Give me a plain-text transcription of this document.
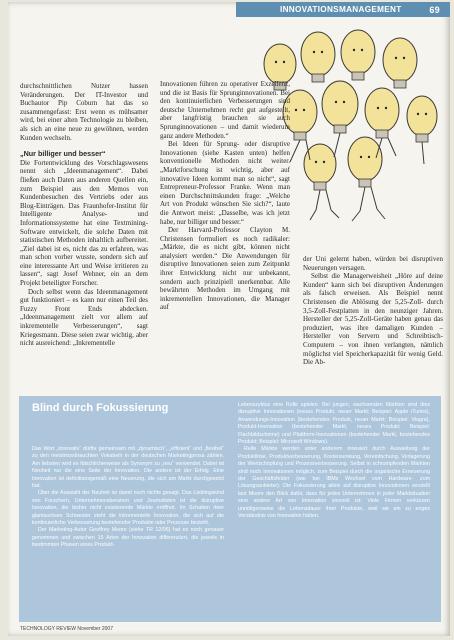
INNOVATIONSMANAGEMENT	69

durchschnittlichen Nutzer hassen Veränderungen. Der IT-Investor und Buchautor Pip Coburn hat das so zusammengefasst: Erst wenn es mühsamer wird, bei einer alten Technologie zu bleiben, als sich an eine neue zu gewöhnen, werden Kunden wechseln.

„Nur billiger und besser“

Die Fortentwicklung des Vorschlagswesens nennt sich „Ideenmanagement“. Dabei fließen auch Daten aus anderen Quellen ein, zum Beispiel aus den Memos von Kundenbesuchen des Vertriebs oder aus Blog-Einträgen. Das Fraunhofer-Institut für Intelligente Analyse- und Informationssysteme hat eine Textmining-Software entwickelt, die solche Daten mit statistischen Methoden inhaltlich aufbereitet. „Ziel dabei ist es, nicht das zu erfahren, was man schon vorher wusste, sondern sich auf eine interessante Art und Weise irritieren zu lassen“, sagt Josef Wehner, ein an dem Projekt beteiligter Forscher.

Doch selbst wenn das Ideenmanagement gut funktioniert – es kann nur einen Teil des Fuzzy Front Ends abdecken. „Ideenmanagement zielt vor allem auf inkrementelle Verbesserungen“, sagt Kriegesmann. Diese seien zwar wichtig, aber nicht ausreichend: „Inkrementelle

Innovationen führen zu operativer Exzellenz, und die ist Basis für Sprunginnovationen. Bei den kontinuierlichen Verbesserungen sind deutsche Unternehmen recht gut aufgestellt, aber langfristig brauchen sie auch Sprunginnovationen – und damit wiederum ganz andere Methoden.“

Bei Ideen für Sprung- oder disruptive Innovationen (siehe Kasten unten) helfen konventionelle Methoden nicht weiter. „Marktforschung ist wichtig, aber auf innovative Ideen kommt man so nicht“, sagt Entrepreneur-Professor Franke. Wenn man einen Durchschnittskunden frage: „Welche Art von Produkt wünschen Sie sich?“, laute die Antwort meist: „Dasselbe, was ich jetzt habe, nur billiger und besser.“

Der Harvard-Professor Clayton M. Christensen formuliert es noch radikaler: „Märkte, die es nicht gibt, können nicht analysiert werden.“ Die Anwendungen für disruptive Innovationen seien zum Zeitpunkt ihrer Entwicklung nicht nur unbekannt, sondern auch prinzipiell unerkennbar. Alle bewährten Methoden im Umgang mit inkrementellen Innovationen, die Manager auf

der Uni gelernt haben, würden bei disruptiven Neuerungen versagen.

Selbst die Managerweisheit „Höre auf deine Kunden“ kann sich bei disruptiven Änderungen als falsch erweisen. Als Beispiel nennt Christensen die Ablösung der 5,25-Zoll- durch 3,5-Zoll-Festplatten in den neunziger Jahren. Hersteller der 5,25-Zoll-Geräte haben genau das produziert, was ihre damaligen Kunden – Hersteller von Servern und Schreibtisch-Computern – von ihnen verlangten, nämlich möglichst viel Speicherkapazität für wenig Geld. Die Ab-

Blind durch Fokussierung

Das Wort „innovativ“ dürfte gemeinsam mit „dynamisch“, „effizient“ und „flexibel“ zu den meistmissbrauchten Vokabeln in der deutschen Marketingprosa zählen. Am liebsten wird es fälschlicherweise als Synonym zu „neu“ verwendet. Dabei ist Neuheit nur die eine Seite der Innovation. Die andere ist der Erfolg. Eine Innovation ist definitionsgemäß eine Neuerung, die sich am Markt durchgesetzt hat.

Über die Auswahl der Neuheit ist damit noch nichts gesagt. Das Lieblingskind von Forschern, Unternehmensberatern und Journalisten ist die disruptive Innovation, die bisher nicht existierende Märkte eröffnet. Im Schatten ihrer glamourösen Schwester steht die inkrementelle Innovation, die sich auf die kontinuierliche Verbesserung bestehender Produkte oder Prozesse bezieht.

Der Marketing-Autor Geoffrey Moore (siehe TR 12/06) hat es noch genauer genommen und zwischen 15 Arten der Innovation differenziert, die jeweils in bestimmten Phasen eines Produkt-

Lebenszyklus eine Rolle spielen. Bei jungen, wachsenden Märkten sind dies disruptive Innovationen (neues Produkt, neuer Markt; Beispiel: Apple iTunes), Anwendungs-Innovation (bestehendes Produkt, neuer Markt; Beispiel: Viagra), Produkt-Innovation (bestehender Markt, neues Produkt; Beispiel: Flachbildschirme) und Plattform-Innovationen (bestehender Markt, bestehendes Produkt; Beispiel: Microsoft Windows).

Reife Märkte werden unter anderem innoviert durch Ausweitung der Produktlinie, Produktverbesserung, Kostensenkung, Vereinfachung, Verlagerung der Wertschöpfung und Prozessverbesserung. Selbst in schrumpfenden Märkten sind noch Innovationen möglich, zum Beispiel durch die organische Erneuerung der Geschäftsfelder (wie bei IBMs Wechsel vom Hardware- zum Lösungsanbieter). Die Fokussierung allein auf disruptive Innovationen verstellt laut Moore den Blick dafür, dass für jedes Unternehmen in jeder Marktsituation eine andere Art von Innovation sinnvoll ist: Viele Firmen verkürzen unnötigerweise die Lebensdauer ihrer Produkte, weil sie ein zu enges Verständnis von Innovation hätten.

TECHNOLOGY REVIEW November 2007
